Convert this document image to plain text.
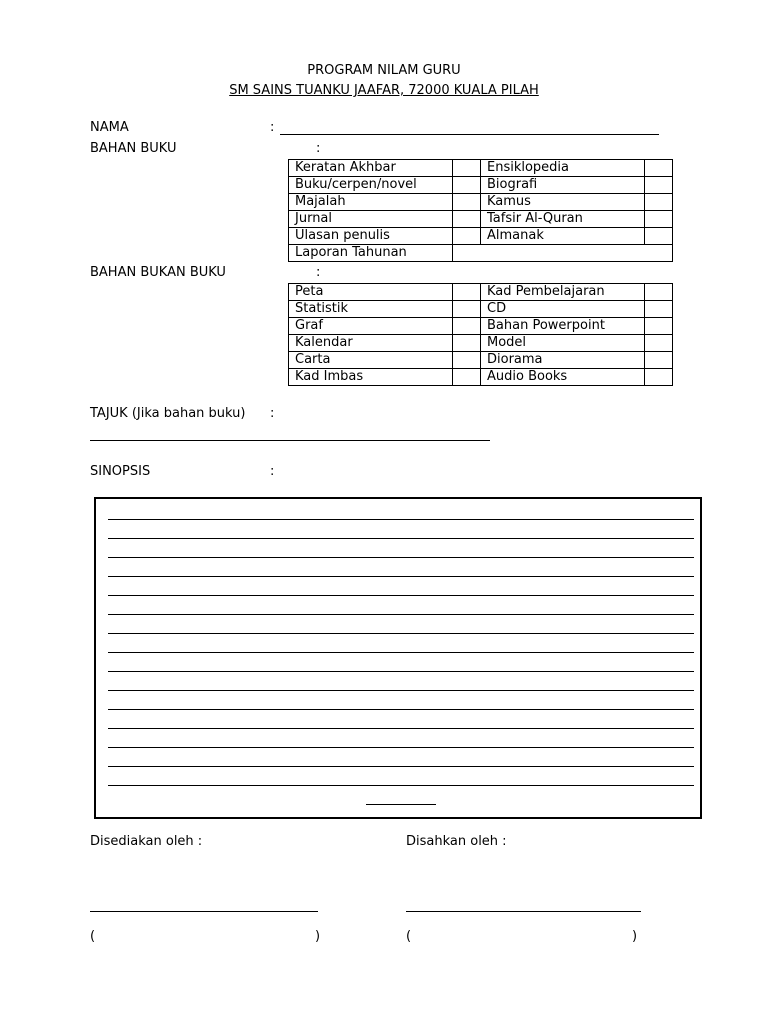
PROGRAM NILAM GURU
SM SAINS TUANKU JAAFAR, 72000 KUALA PILAH
NAMA	:
BAHAN BUKU	:
Keratan Akhbar		Ensiklopedia	
Buku/cerpen/novel		Biografi	
Majalah		Kamus	
Jurnal		Tafsir Al-Quran	
Ulasan penulis		Almanak	
Laporan Tahunan			
BAHAN BUKAN BUKU	:
Peta		Kad Pembelajaran	
Statistik		CD	
Graf		Bahan Powerpoint	
Kalendar		Model	
Carta		Diorama	
Kad Imbas		Audio Books	
TAJUK (Jika bahan buku) :
SINOPSIS	:
Disediakan oleh :	Disahkan oleh :
(	)	(	)
